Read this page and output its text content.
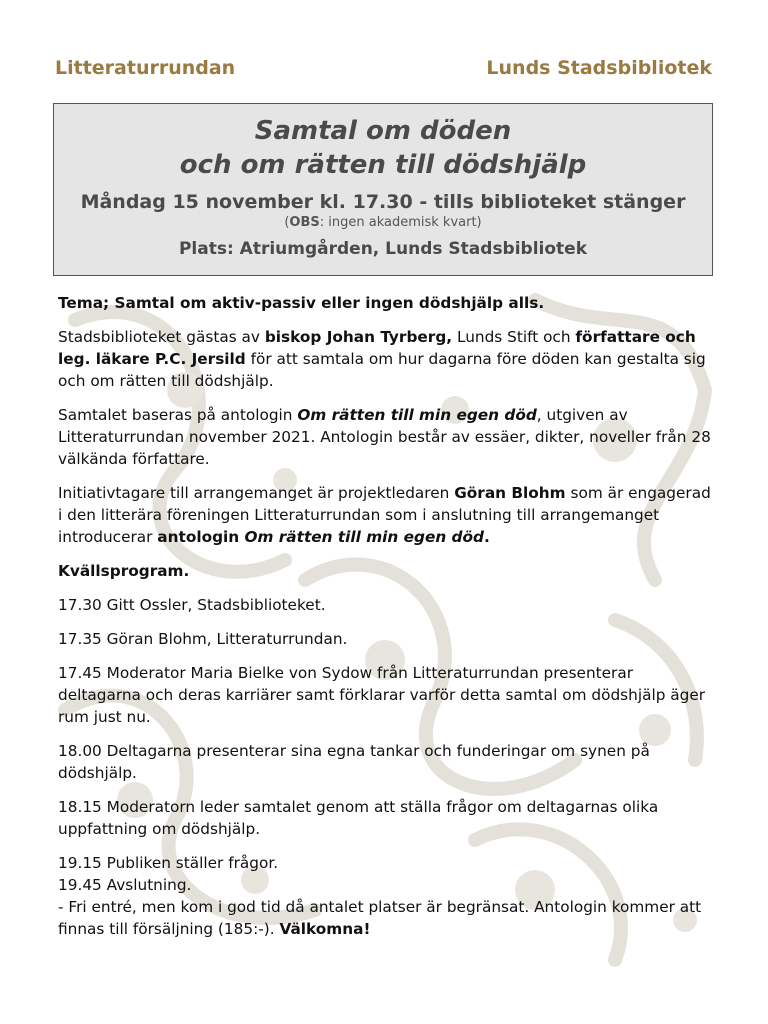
Litteraturrundan	Lunds Stadsbibliotek
Samtal om döden
och om rätten till dödshjälp
Måndag 15 november kl. 17.30 - tills biblioteket stänger
(OBS: ingen akademisk kvart)
Plats: Atriumgården, Lunds Stadsbibliotek

Tema; Samtal om aktiv-passiv eller ingen dödshjälp alls.

Stadsbiblioteket gästas av biskop Johan Tyrberg, Lunds Stift och författare och leg. läkare P.C. Jersild för att samtala om hur dagarna före döden kan gestalta sig och om rätten till dödshjälp.

Samtalet baseras på antologin Om rätten till min egen död, utgiven av Litteraturrundan november 2021. Antologin består av essäer, dikter, noveller från 28 välkända författare.

Initiativtagare till arrangemanget är projektledaren Göran Blohm som är engagerad i den litterära föreningen Litteraturrundan som i anslutning till arrangemanget introducerar antologin Om rätten till min egen död.

Kvällsprogram.

17.30 Gitt Ossler, Stadsbiblioteket.

17.35 Göran Blohm, Litteraturrundan.

17.45 Moderator Maria Bielke von Sydow från Litteraturrundan presenterar deltagarna och deras karriärer samt förklarar varför detta samtal om dödshjälp äger rum just nu.

18.00 Deltagarna presenterar sina egna tankar och funderingar om synen på dödshjälp.

18.15 Moderatorn leder samtalet genom att ställa frågor om deltagarnas olika uppfattning om dödshjälp.

19.15 Publiken ställer frågor.

19.45 Avslutning.

- Fri entré, men kom i god tid då antalet platser är begränsat. Antologin kommer att finnas till försäljning (185:-). Välkomna!
